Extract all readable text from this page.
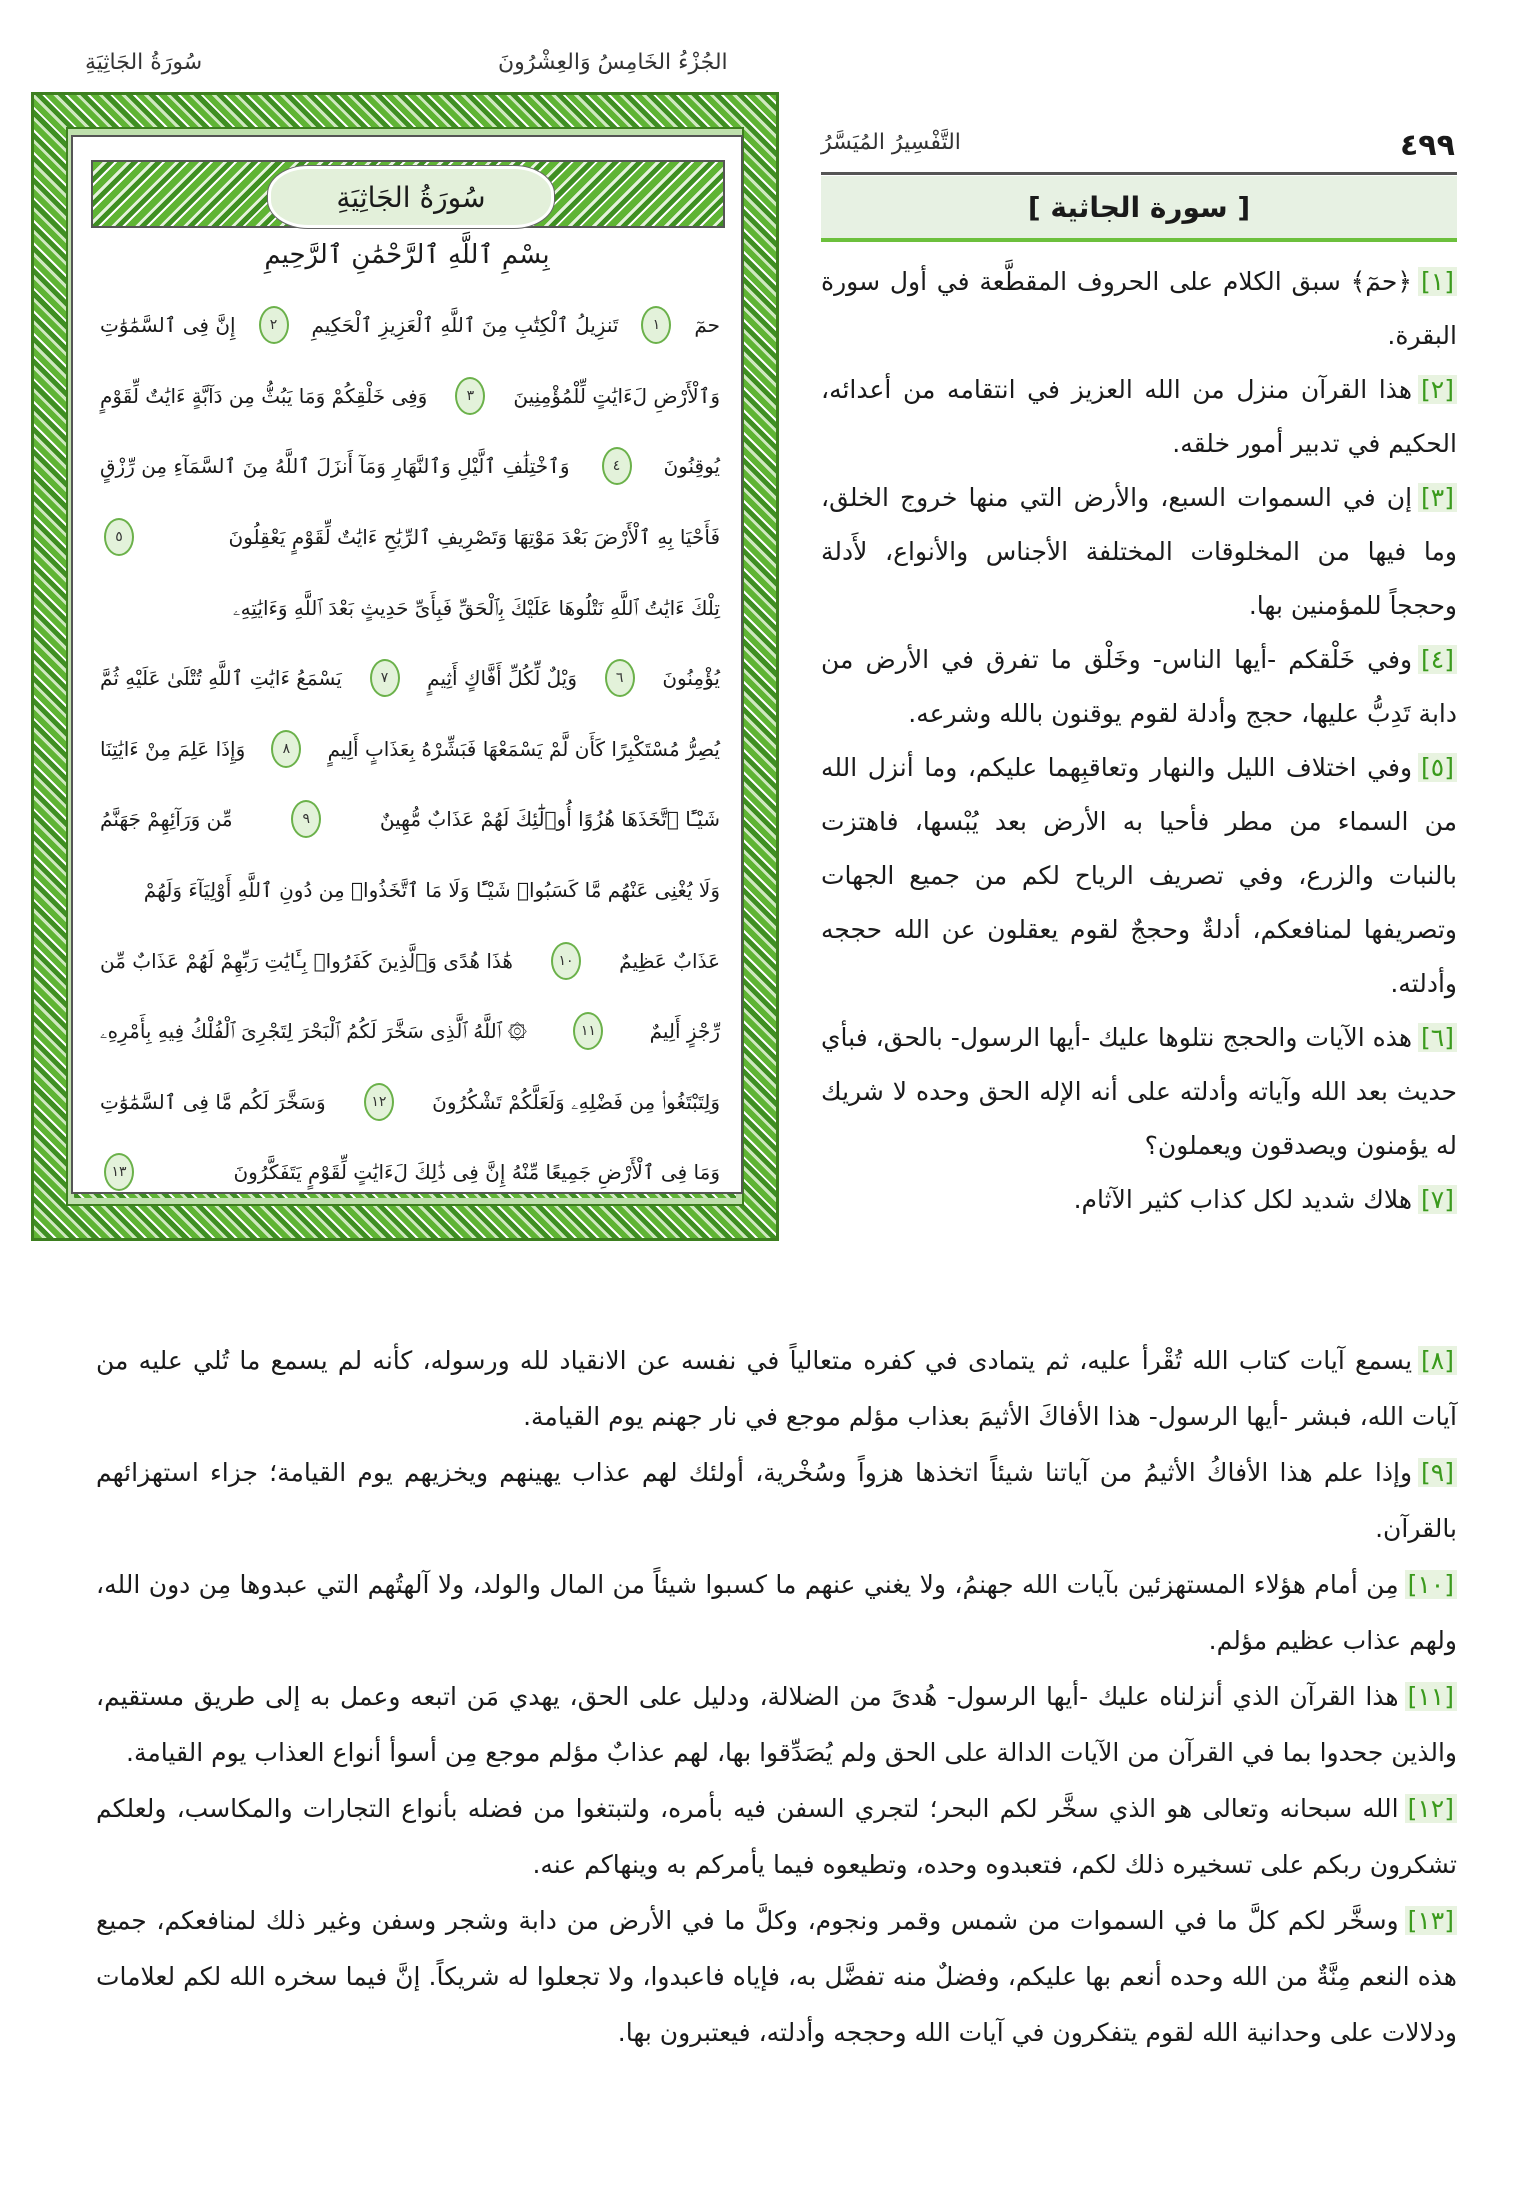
سُورَةُ الجَاثِيَةِ	الجُزْءُ الخَامِسُ وَالعِشْرُونَ
سُورَةُ الجَاثِيَةِ
بِسْمِ ٱللَّهِ ٱلرَّحْمَٰنِ ٱلرَّحِيمِ
حمٓ
١
تَنزِيلُ ٱلْكِتَٰبِ مِنَ ٱللَّهِ ٱلْعَزِيزِ ٱلْحَكِيمِ
٢
إِنَّ فِى ٱلسَّمَٰوَٰتِ
وَٱلْأَرْضِ لَءَايَٰتٍ لِّلْمُؤْمِنِينَ
٣
وَفِى خَلْقِكُمْ وَمَا يَبُثُّ مِن دَآبَّةٍ ءَايَٰتٌ لِّقَوْمٍ
يُوقِنُونَ
٤
وَٱخْتِلَٰفِ ٱلَّيْلِ وَٱلنَّهَارِ وَمَآ أَنزَلَ ٱللَّهُ مِنَ ٱلسَّمَآءِ مِن رِّزْقٍ
فَأَحْيَا بِهِ ٱلْأَرْضَ بَعْدَ مَوْتِهَا وَتَصْرِيفِ ٱلرِّيَٰحِ ءَايَٰتٌ لِّقَوْمٍ يَعْقِلُونَ
٥
تِلْكَ ءَايَٰتُ ٱللَّهِ نَتْلُوهَا عَلَيْكَ بِٱلْحَقِّ فَبِأَىِّ حَدِيثٍ بَعْدَ ٱللَّهِ وَءَايَٰتِهِۦ
يُؤْمِنُونَ
٦
وَيْلٌ لِّكُلِّ أَفَّاكٍ أَثِيمٍ
٧
يَسْمَعُ ءَايَٰتِ ٱللَّهِ تُتْلَىٰ عَلَيْهِ ثُمَّ
يُصِرُّ مُسْتَكْبِرًا كَأَن لَّمْ يَسْمَعْهَا فَبَشِّرْهُ بِعَذَابٍ أَلِيمٍ
٨
وَإِذَا عَلِمَ مِنْ ءَايَٰتِنَا
شَيْـًٔا ٱتَّخَذَهَا هُزُوًا أُو۟لَٰٓئِكَ لَهُمْ عَذَابٌ مُّهِينٌ
٩
مِّن وَرَآئِهِمْ جَهَنَّمُ
وَلَا يُغْنِى عَنْهُم مَّا كَسَبُوا۟ شَيْـًٔا وَلَا مَا ٱتَّخَذُوا۟ مِن دُونِ ٱللَّهِ أَوْلِيَآءَ وَلَهُمْ
عَذَابٌ عَظِيمٌ
١٠
هَٰذَا هُدًى وَٱلَّذِينَ كَفَرُوا۟ بِـَٔايَٰتِ رَبِّهِمْ لَهُمْ عَذَابٌ مِّن
رِّجْزٍ أَلِيمٌ
١١
۞ ٱللَّهُ ٱلَّذِى سَخَّرَ لَكُمُ ٱلْبَحْرَ لِتَجْرِىَ ٱلْفُلْكُ فِيهِ بِأَمْرِهِۦ
وَلِتَبْتَغُوا۟ مِن فَضْلِهِۦ وَلَعَلَّكُمْ تَشْكُرُونَ
١٢
وَسَخَّرَ لَكُم مَّا فِى ٱلسَّمَٰوَٰتِ
وَمَا فِى ٱلْأَرْضِ جَمِيعًا مِّنْهُ إِنَّ فِى ذَٰلِكَ لَءَايَٰتٍ لِّقَوْمٍ يَتَفَكَّرُونَ
١٣
٤٩٩
التَّفْسِيرُ المُيَسَّرُ
[ سورة الجاثية ]

[١]﴿حمٓ﴾ سبق الكلام على الحروف المقطَّعة في أول سورة البقرة.

[٢]هذا القرآن منزل من الله العزيز في انتقامه من أعدائه، الحكيم في تدبير أمور خلقه.

[٣]إن في السموات السبع، والأرض التي منها خروج الخلق، وما فيها من المخلوقات المختلفة الأجناس والأنواع، لأَدلة وحججاً للمؤمنين بها.

[٤]وفي خَلْقكم -أيها الناس- وخَلْق ما تفرق في الأرض من دابة تَدِبُّ عليها، حجج وأدلة لقوم يوقنون بالله وشرعه.

[٥]وفي اختلاف الليل والنهار وتعاقبِهما عليكم، وما أنزل الله من السماء من مطر فأحيا به الأرض بعد يُبْسها، فاهتزت بالنبات والزرع، وفي تصريف الرياح لكم من جميع الجهات وتصريفها لمنافعكم، أدلةٌ وحججٌ لقوم يعقلون عن الله حججه وأدلته.

[٦]هذه الآيات والحجج نتلوها عليك -أيها الرسول- بالحق، فبأي حديث بعد الله وآياته وأدلته على أنه الإله الحق وحده لا شريك له يؤمنون ويصدقون ويعملون؟

[٧]هلاك شديد لكل كذاب كثير الآثام.

[٨]يسمع آيات كتاب الله تُقْرأ عليه، ثم يتمادى في كفره متعالياً في نفسه عن الانقياد لله ورسوله، كأنه لم يسمع ما تُلي عليه من آيات الله، فبشر -أيها الرسول- هذا الأفاكَ الأثيمَ بعذاب مؤلم موجع في نار جهنم يوم القيامة.

[٩]وإذا علم هذا الأفاكُ الأثيمُ من آياتنا شيئاً اتخذها هزواً وسُخْرية، أولئك لهم عذاب يهينهم ويخزيهم يوم القيامة؛ جزاء استهزائهم بالقرآن.

[١٠]مِن أمام هؤلاء المستهزئين بآيات الله جهنمُ، ولا يغني عنهم ما كسبوا شيئاً من المال والولد، ولا آلهتُهم التي عبدوها مِن دون الله، ولهم عذاب عظيم مؤلم.

[١١]هذا القرآن الذي أنزلناه عليك -أيها الرسول- هُدىً من الضلالة، ودليل على الحق، يهدي مَن اتبعه وعمل به إلى طريق مستقيم، والذين جحدوا بما في القرآن من الآيات الدالة على الحق ولم يُصَدِّقوا بها، لهم عذابٌ مؤلم موجع مِن أسوأ أنواع العذاب يوم القيامة.

[١٢]الله سبحانه وتعالى هو الذي سخَّر لكم البحر؛ لتجري السفن فيه بأمره، ولتبتغوا من فضله بأنواع التجارات والمكاسب، ولعلكم تشكرون ربكم على تسخيره ذلك لكم، فتعبدوه وحده، وتطيعوه فيما يأمركم به وينهاكم عنه.

[١٣]وسخَّر لكم كلَّ ما في السموات من شمس وقمر ونجوم، وكلَّ ما في الأرض من دابة وشجر وسفن وغير ذلك لمنافعكم، جميع هذه النعم مِنَّةٌ من الله وحده أنعم بها عليكم، وفضلٌ منه تفضَّل به، فإياه فاعبدوا، ولا تجعلوا له شريكاً. إنَّ فيما سخره الله لكم لعلامات ودلالات على وحدانية الله لقوم يتفكرون في آيات الله وحججه وأدلته، فيعتبرون بها.
